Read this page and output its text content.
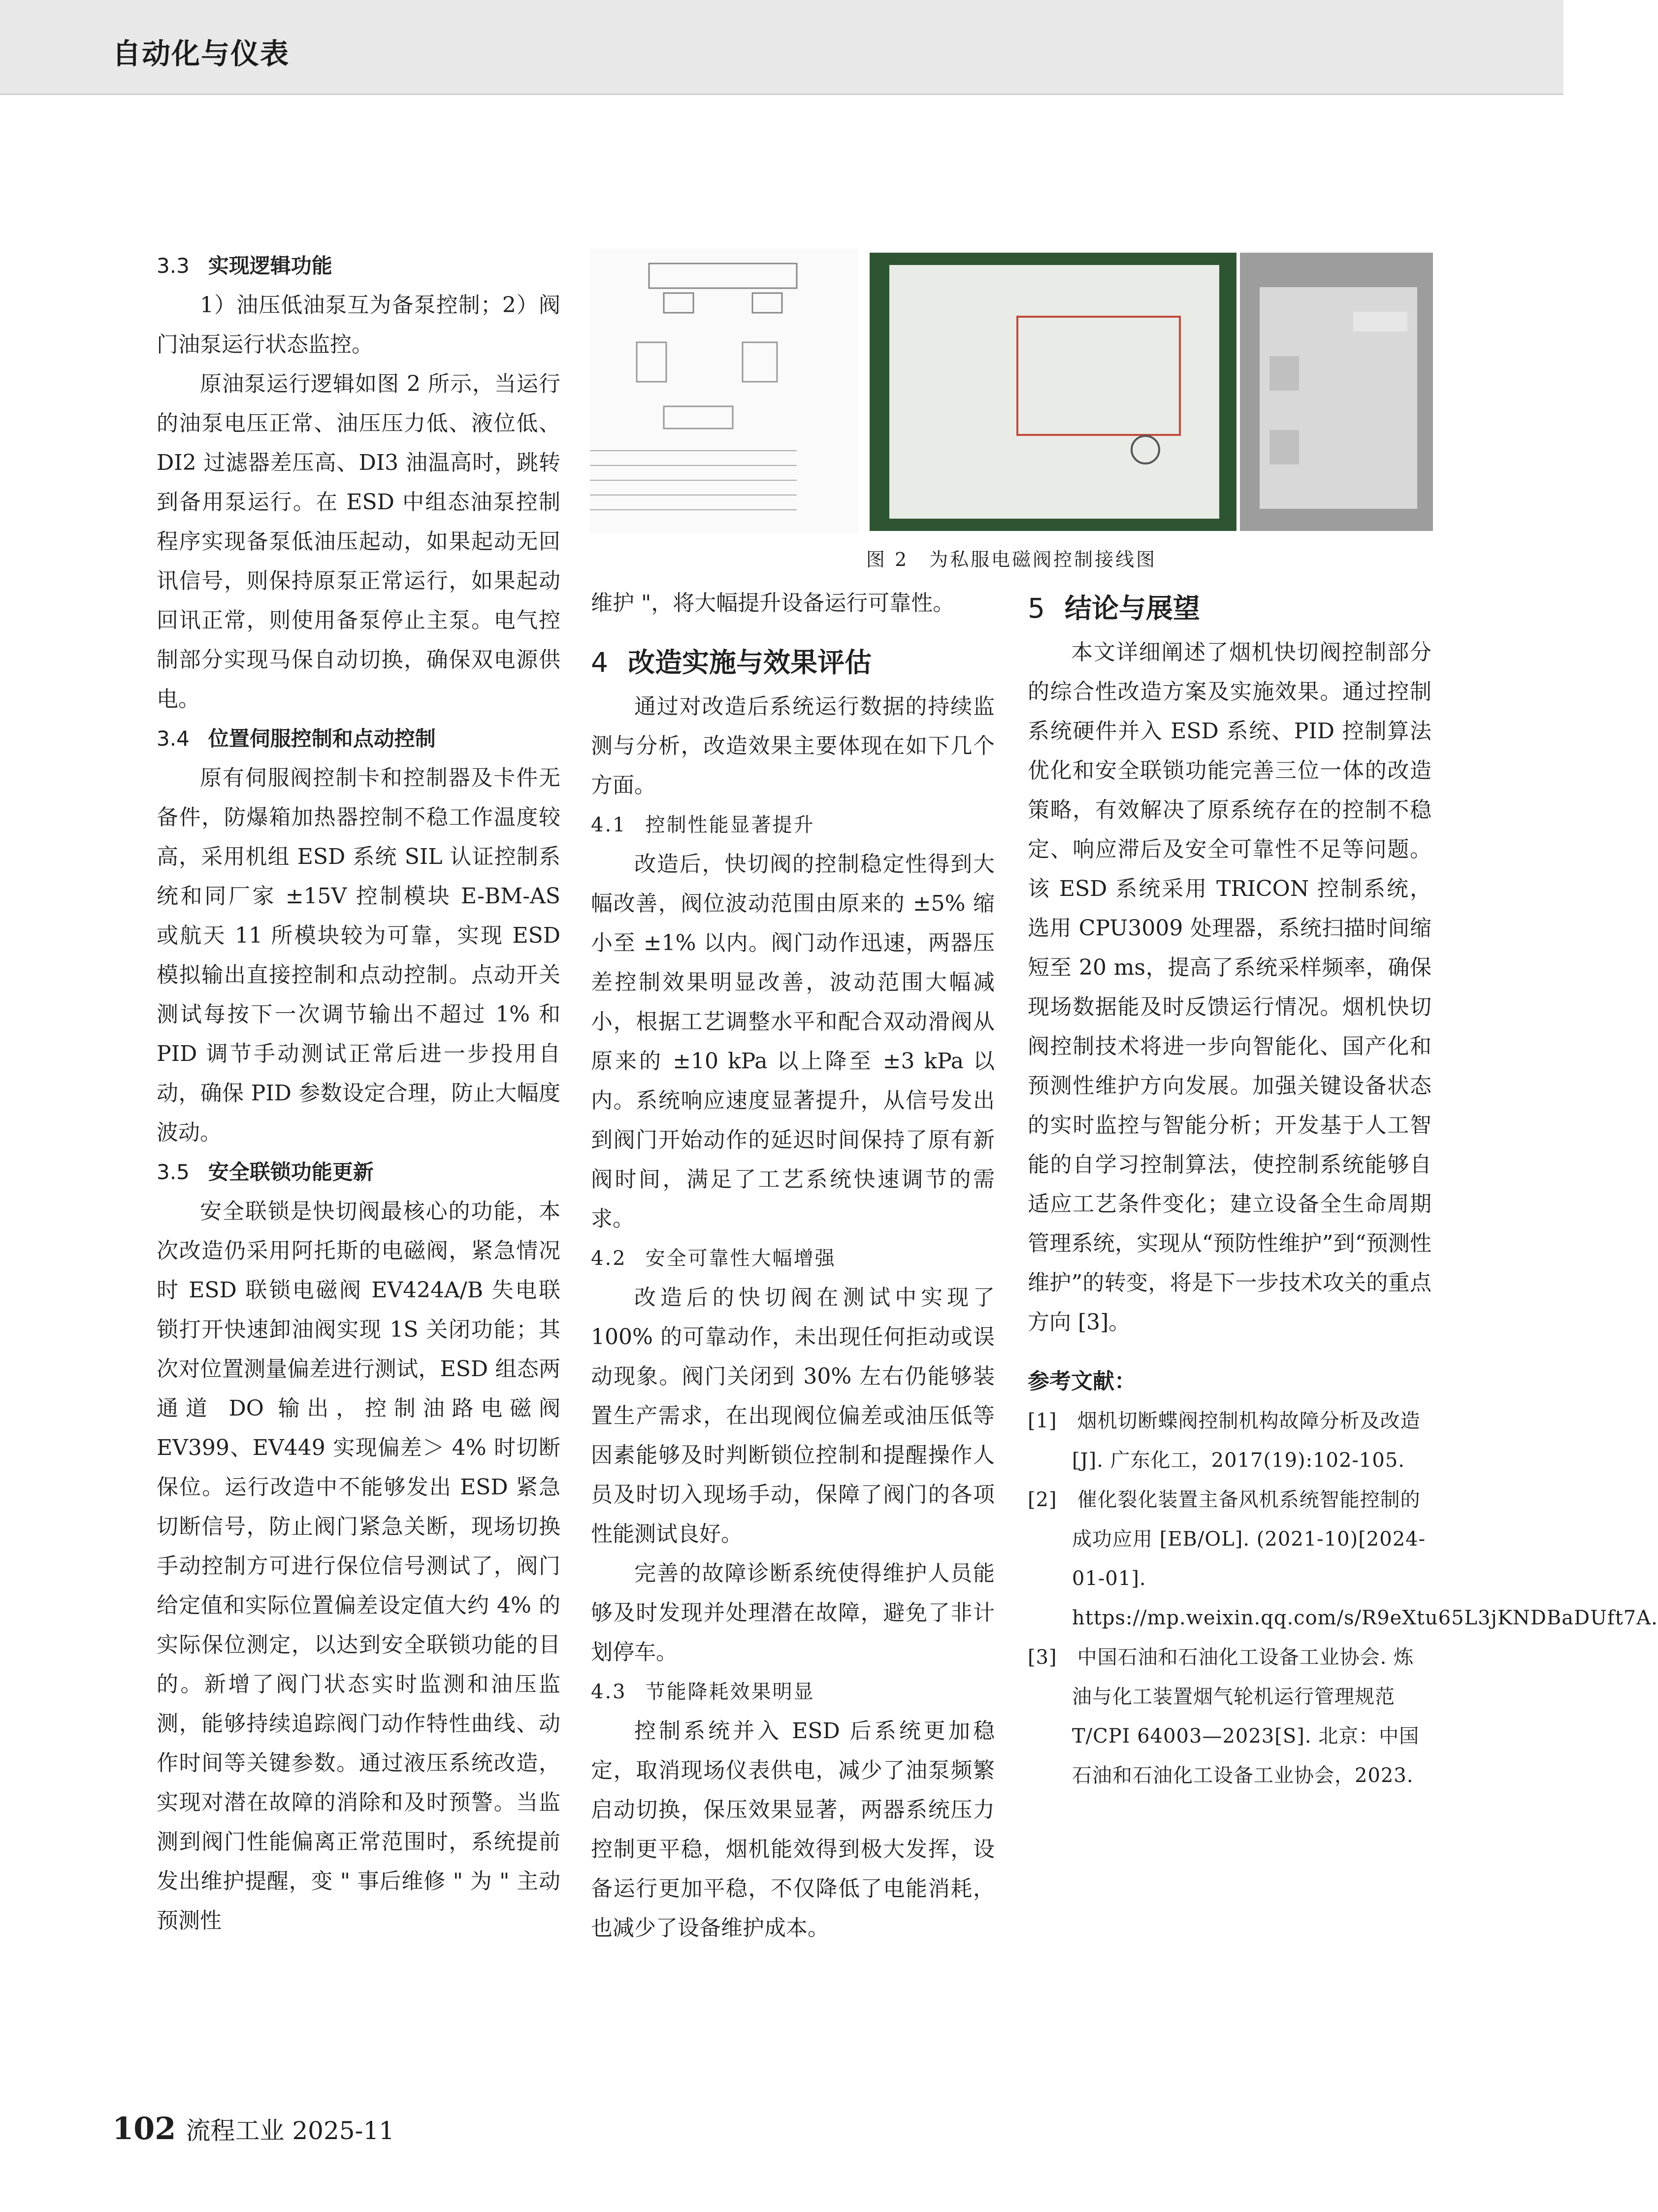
自动化与仪表
3.3 实现逻辑功能

1）油压低油泵互为备泵控制；2）阀门油泵运行状态监控。

原油泵运行逻辑如图 2 所示，当运行的油泵电压正常、油压压力低、液位低、DI2 过滤器差压高、DI3 油温高时，跳转到备用泵运行。在 ESD 中组态油泵控制程序实现备泵低油压起动，如果起动无回讯信号，则保持原泵正常运行，如果起动回讯正常，则使用备泵停止主泵。电气控制部分实现马保自动切换，确保双电源供电。

3.4 位置伺服控制和点动控制

原有伺服阀控制卡和控制器及卡件无备件，防爆箱加热器控制不稳工作温度较高，采用机组 ESD 系统 SIL 认证控制系统和同厂家 ±15V 控制模块 E-BM-AS 或航天 11 所模块较为可靠，实现 ESD 模拟输出直接控制和点动控制。点动开关测试每按下一次调节输出不超过 1% 和 PID 调节手动测试正常后进一步投用自动，确保 PID 参数设定合理，防止大幅度波动。

3.5 安全联锁功能更新

安全联锁是快切阀最核心的功能，本次改造仍采用阿托斯的电磁阀，紧急情况时 ESD 联锁电磁阀 EV424A/B 失电联锁打开快速卸油阀实现 1S 关闭功能；其次对位置测量偏差进行测试，ESD 组态两通道 DO 输出，控制油路电磁阀 EV399、EV449 实现偏差＞ 4% 时切断保位。运行改造中不能够发出 ESD 紧急切断信号，防止阀门紧急关断，现场切换手动控制方可进行保位信号测试了，阀门给定值和实际位置偏差设定值大约 4% 的实际保位测定，以达到安全联锁功能的目的。新增了阀门状态实时监测和油压监测，能够持续追踪阀门动作特性曲线、动作时间等关键参数。通过液压系统改造，实现对潜在故障的消除和及时预警。当监测到阀门性能偏离正常范围时，系统提前发出维护提醒，变 " 事后维修 " 为 " 主动预测性

图 2　为私服电磁阀控制接线图

维护 "，将大幅提升设备运行可靠性。

4 改造实施与效果评估

通过对改造后系统运行数据的持续监测与分析，改造效果主要体现在如下几个方面。

4.1 控制性能显著提升

改造后，快切阀的控制稳定性得到大幅改善，阀位波动范围由原来的 ±5% 缩小至 ±1% 以内。阀门动作迅速，两器压差控制效果明显改善，波动范围大幅减小，根据工艺调整水平和配合双动滑阀从原来的 ±10 kPa 以上降至 ±3 kPa 以内。系统响应速度显著提升，从信号发出到阀门开始动作的延迟时间保持了原有新阀时间，满足了工艺系统快速调节的需求。

4.2 安全可靠性大幅增强

改造后的快切阀在测试中实现了 100% 的可靠动作，未出现任何拒动或误动现象。阀门关闭到 30% 左右仍能够装置生产需求，在出现阀位偏差或油压低等因素能够及时判断锁位控制和提醒操作人员及时切入现场手动，保障了阀门的各项性能测试良好。

完善的故障诊断系统使得维护人员能够及时发现并处理潜在故障，避免了非计划停车。

4.3 节能降耗效果明显

控制系统并入 ESD 后系统更加稳定，取消现场仪表供电，减少了油泵频繁启动切换，保压效果显著，两器系统压力控制更平稳，烟机能效得到极大发挥，设备运行更加平稳，不仅降低了电能消耗，也减少了设备维护成本。

5 结论与展望

本文详细阐述了烟机快切阀控制部分的综合性改造方案及实施效果。通过控制系统硬件并入 ESD 系统、PID 控制算法优化和安全联锁功能完善三位一体的改造策略，有效解决了原系统存在的控制不稳定、响应滞后及安全可靠性不足等问题。该 ESD 系统采用 TRICON 控制系统，选用 CPU3009 处理器，系统扫描时间缩短至 20 ms，提高了系统采样频率，确保现场数据能及时反馈运行情况。烟机快切阀控制技术将进一步向智能化、国产化和预测性维护方向发展。加强关键设备状态的实时监控与智能分析；开发基于人工智能的自学习控制算法，使控制系统能够自适应工艺条件变化；建立设备全生命周期管理系统，实现从“预防性维护”到“预测性维护”的转变，将是下一步技术攻关的重点方向 [3]。

参考文献：
[1]　烟机切断蝶阀控制机构故障分析及改造 [J]. 广东化工，2017(19):102-105.
[2]　催化裂化装置主备风机系统智能控制的成功应用 [EB/OL]. (2021-10)[2024-01-01]. https://mp.weixin.qq.com/s/R9eXtu65L3jKNDBaDUft7A.
[3]　中国石油和石油化工设备工业协会. 炼油与化工装置烟气轮机运行管理规范 T/CPI 64003—2023[S]. 北京：中国石油和石油化工设备工业协会，2023.
102 流程工业 2025-11
